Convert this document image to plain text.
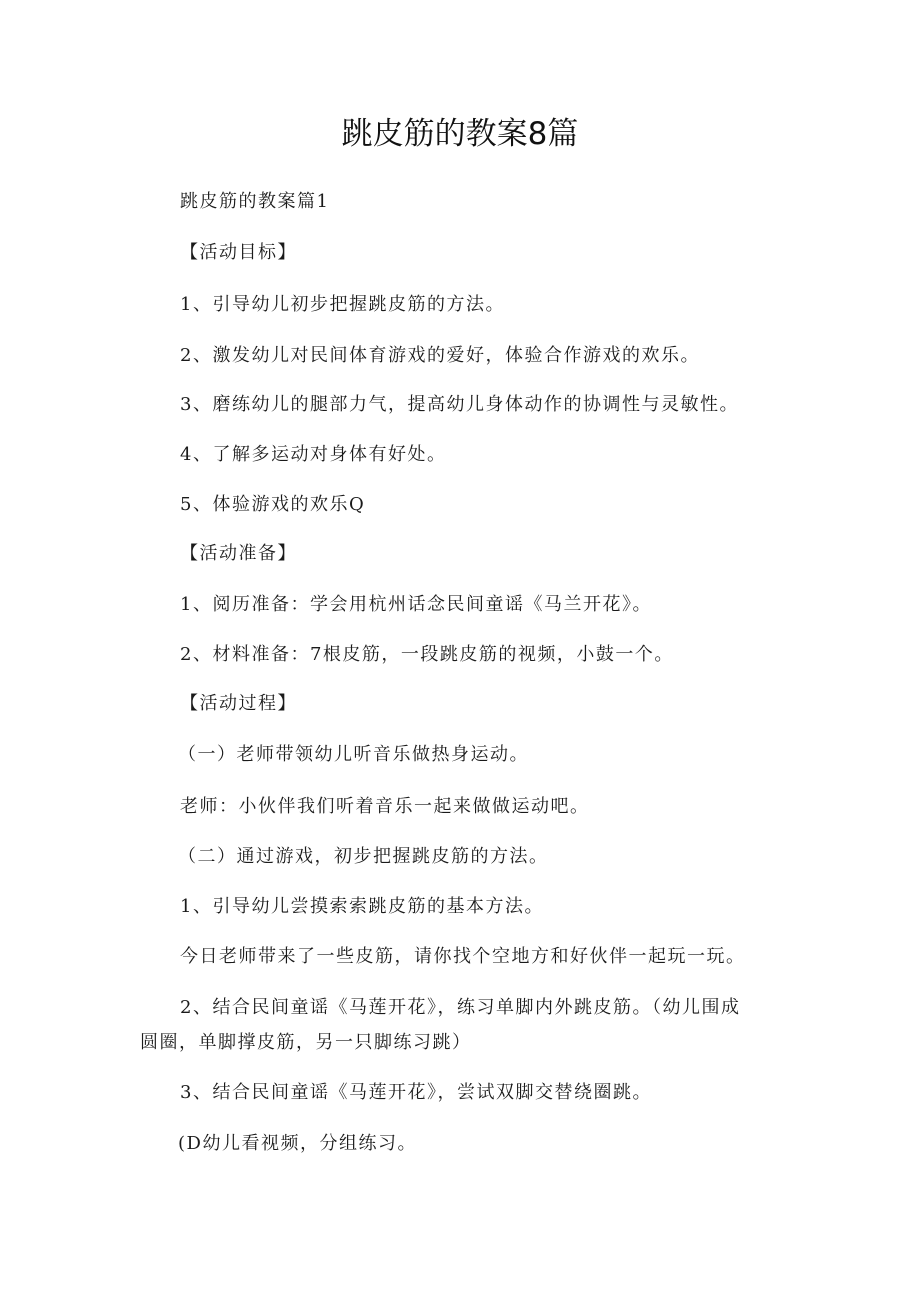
跳皮筋的教案8篇

跳皮筋的教案篇1

【活动目标】

1、引导幼儿初步把握跳皮筋的方法。

2、激发幼儿对民间体育游戏的爱好，体验合作游戏的欢乐。

3、磨练幼儿的腿部力气，提高幼儿身体动作的协调性与灵敏性。

4、了解多运动对身体有好处。

5、体验游戏的欢乐Q

【活动准备】

1、阅历准备：学会用杭州话念民间童谣《马兰开花》。

2、材料准备：7根皮筋，一段跳皮筋的视频，小鼓一个。

【活动过程】

（一）老师带领幼儿听音乐做热身运动。

老师：小伙伴我们听着音乐一起来做做运动吧。

（二）通过游戏，初步把握跳皮筋的方法。

1、引导幼儿尝摸索索跳皮筋的基本方法。

今日老师带来了一些皮筋，请你找个空地方和好伙伴一起玩一玩。

2、结合民间童谣《马莲开花》，练习单脚内外跳皮筋。（幼儿围成

圆圈，单脚撑皮筋，另一只脚练习跳）

3、结合民间童谣《马莲开花》，尝试双脚交替绕圈跳。

(D幼儿看视频，分组练习。
